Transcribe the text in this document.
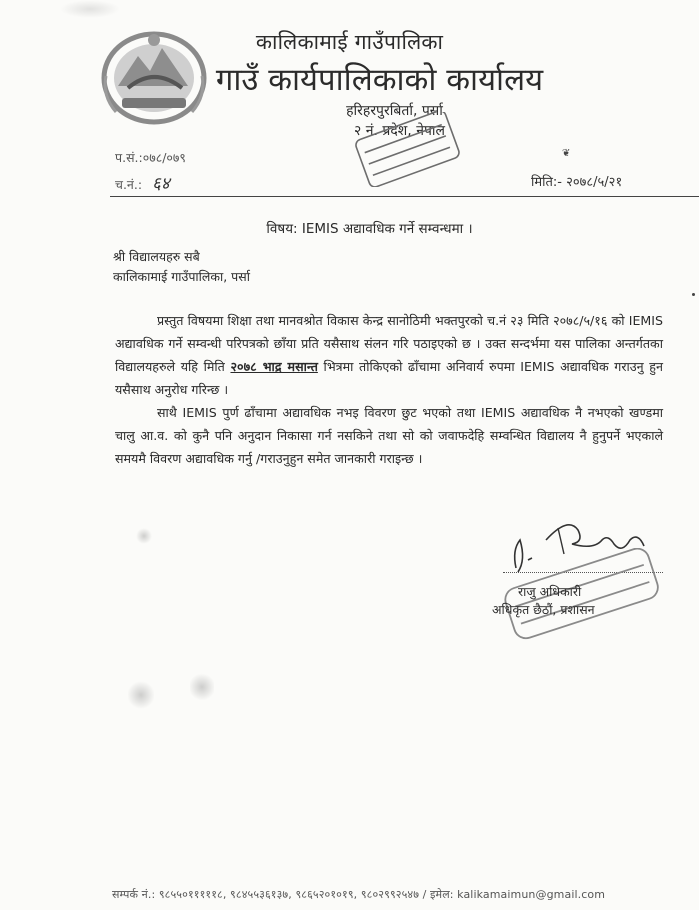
कालिकामाई गाउँपालिका
गाउँ कार्यपालिकाको कार्यालय
हरिहरपुरबिर्ता, पर्सा
२ नं. प्रदेश, नेपाल
❦
प.सं.:०७८/०७९
च.नं.: ६४	मिति:- २०७८/५/२१
विषय: IEMIS अद्यावधिक गर्ने सम्वन्धमा ।
श्री विद्यालयहरु सबै
कालिकामाई गाउँपालिका, पर्सा
प्रस्तुत विषयमा शिक्षा तथा मानवश्रोत विकास केन्द्र सानोठिमी भक्तपुरको च.नं २३ मिति २०७८/५/१६ को IEMIS अद्यावधिक गर्ने सम्वन्धी परिपत्रको छाँया प्रति यसैसाथ संलन गरि पठाइएको छ । उक्त सन्दर्भमा यस पालिका अन्तर्गतका विद्यालयहरुले यहि मिति २०७८ भाद्र मसान्त भित्रमा तोकिएको ढाँचामा अनिवार्य रुपमा IEMIS अद्यावधिक गराउनु हुन यसैसाथ अनुरोध गरिन्छ ।
साथै IEMIS पुर्ण ढाँचामा अद्यावधिक नभइ विवरण छुट भएको तथा IEMIS अद्यावधिक नै नभएको खण्डमा चालु आ.व. को कुनै पनि अनुदान निकासा गर्न नसकिने तथा सो को जवाफदेहि सम्वन्धित विद्यालय नै हुनुपर्ने भएकाले समयमै विवरण अद्यावधिक गर्नु /गराउनुहुन समेत जानकारी गराइन्छ ।
राजु अधिकारी
अधिकृत छैठौं, प्रशासन
सम्पर्क नं.: ९८५५०१११११८, ९८४५५३६१३७, ९८६५२०१०१९, ९८०२९९२५४७ / इमेल: kalikamaimun@gmail.com
